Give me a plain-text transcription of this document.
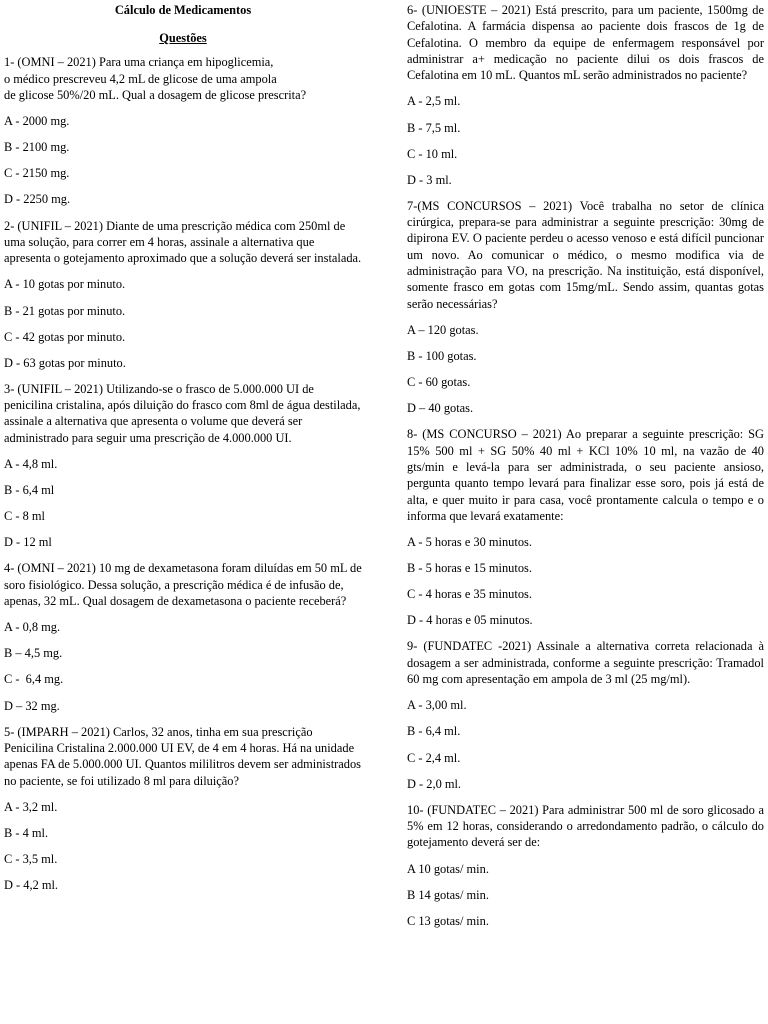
Cálculo de Medicamentos

Questões

1- (OMNI – 2021) Para uma criança em hipoglicemia,
o médico prescreveu 4,2 mL de glicose de uma ampola
de glicose 50%/20 mL. Qual a dosagem de glicose prescrita?

A - 2000 mg.

B - 2100 mg.

C - 2150 mg.

D - 2250 mg.

2- (UNIFIL – 2021) Diante de uma prescrição médica com 250ml de uma solução, para correr em 4 horas, assinale a alternativa que apresenta o gotejamento aproximado que a solução deverá ser instalada.

A - 10 gotas por minuto.

B - 21 gotas por minuto.

C - 42 gotas por minuto.

D - 63 gotas por minuto.

3- (UNIFIL – 2021) Utilizando-se o frasco de 5.000.000 UI de penicilina cristalina, após diluição do frasco com 8ml de água destilada, assinale a alternativa que apresenta o volume que deverá ser administrado para seguir uma prescrição de 4.000.000 UI.

A - 4,8 ml.

B - 6,4 ml

C - 8 ml

D - 12 ml

4- (OMNI – 2021) 10 mg de dexametasona foram diluídas em 50 mL de soro fisiológico. Dessa solução, a prescrição médica é de infusão de, apenas, 32 mL. Qual dosagem de dexametasona o paciente receberá?

A - 0,8 mg.

B – 4,5 mg.

C -  6,4 mg.

D – 32 mg.

5- (IMPARH – 2021) Carlos, 32 anos, tinha em sua prescrição Penicilina Cristalina 2.000.000 UI EV, de 4 em 4 horas. Há na unidade apenas FA de 5.000.000 UI. Quantos mililitros devem ser administrados no paciente, se foi utilizado 8 ml para diluição?

A - 3,2 ml.

B - 4 ml.

C - 3,5 ml.

D - 4,2 ml.

6- (UNIOESTE – 2021) Está prescrito, para um paciente, 1500mg de Cefalotina. A farmácia dispensa ao paciente dois frascos de 1g de Cefalotina. O membro da equipe de enfermagem responsável por administrar a+ medicação no paciente dilui os dois frascos de Cefalotina em 10 mL. Quantos mL serão administrados no paciente?

A - 2,5 ml.

B - 7,5 ml.

C - 10 ml.

D - 3 ml.

7-(MS CONCURSOS – 2021) Você trabalha no setor de clínica cirúrgica, prepara-se para administrar a seguinte prescrição: 30mg de dipirona EV. O paciente perdeu o acesso venoso e está difícil puncionar um novo. Ao comunicar o médico, o mesmo modifica via de administração para VO, na prescrição. Na instituição, está disponível, somente frasco em gotas com 15mg/mL. Sendo assim, quantas gotas serão necessárias?

A – 120 gotas.

B - 100 gotas.

C - 60 gotas.

D – 40 gotas.

8- (MS CONCURSO – 2021) Ao preparar a seguinte prescrição: SG 15% 500 ml + SG 50% 40 ml + KCl 10% 10 ml, na vazão de 40 gts/min e levá-la para ser administrada, o seu paciente ansioso, pergunta quanto tempo levará para finalizar esse soro, pois já está de alta, e quer muito ir para casa, você prontamente calcula o tempo e o informa que levará exatamente:

A - 5 horas e 30 minutos.

B - 5 horas e 15 minutos.

C - 4 horas e 35 minutos.

D - 4 horas e 05 minutos.

9- (FUNDATEC -2021) Assinale a alternativa correta relacionada à dosagem a ser administrada, conforme a seguinte prescrição: Tramadol 60 mg com apresentação em ampola de 3 ml (25 mg/ml).

A - 3,00 ml.

B - 6,4 ml.

C - 2,4 ml.

D - 2,0 ml.

10- (FUNDATEC – 2021) Para administrar 500 ml de soro glicosado a 5% em 12 horas, considerando o arredondamento padrão, o cálculo do gotejamento deverá ser de:

A 10 gotas/ min.

B 14 gotas/ min.

C 13 gotas/ min.
